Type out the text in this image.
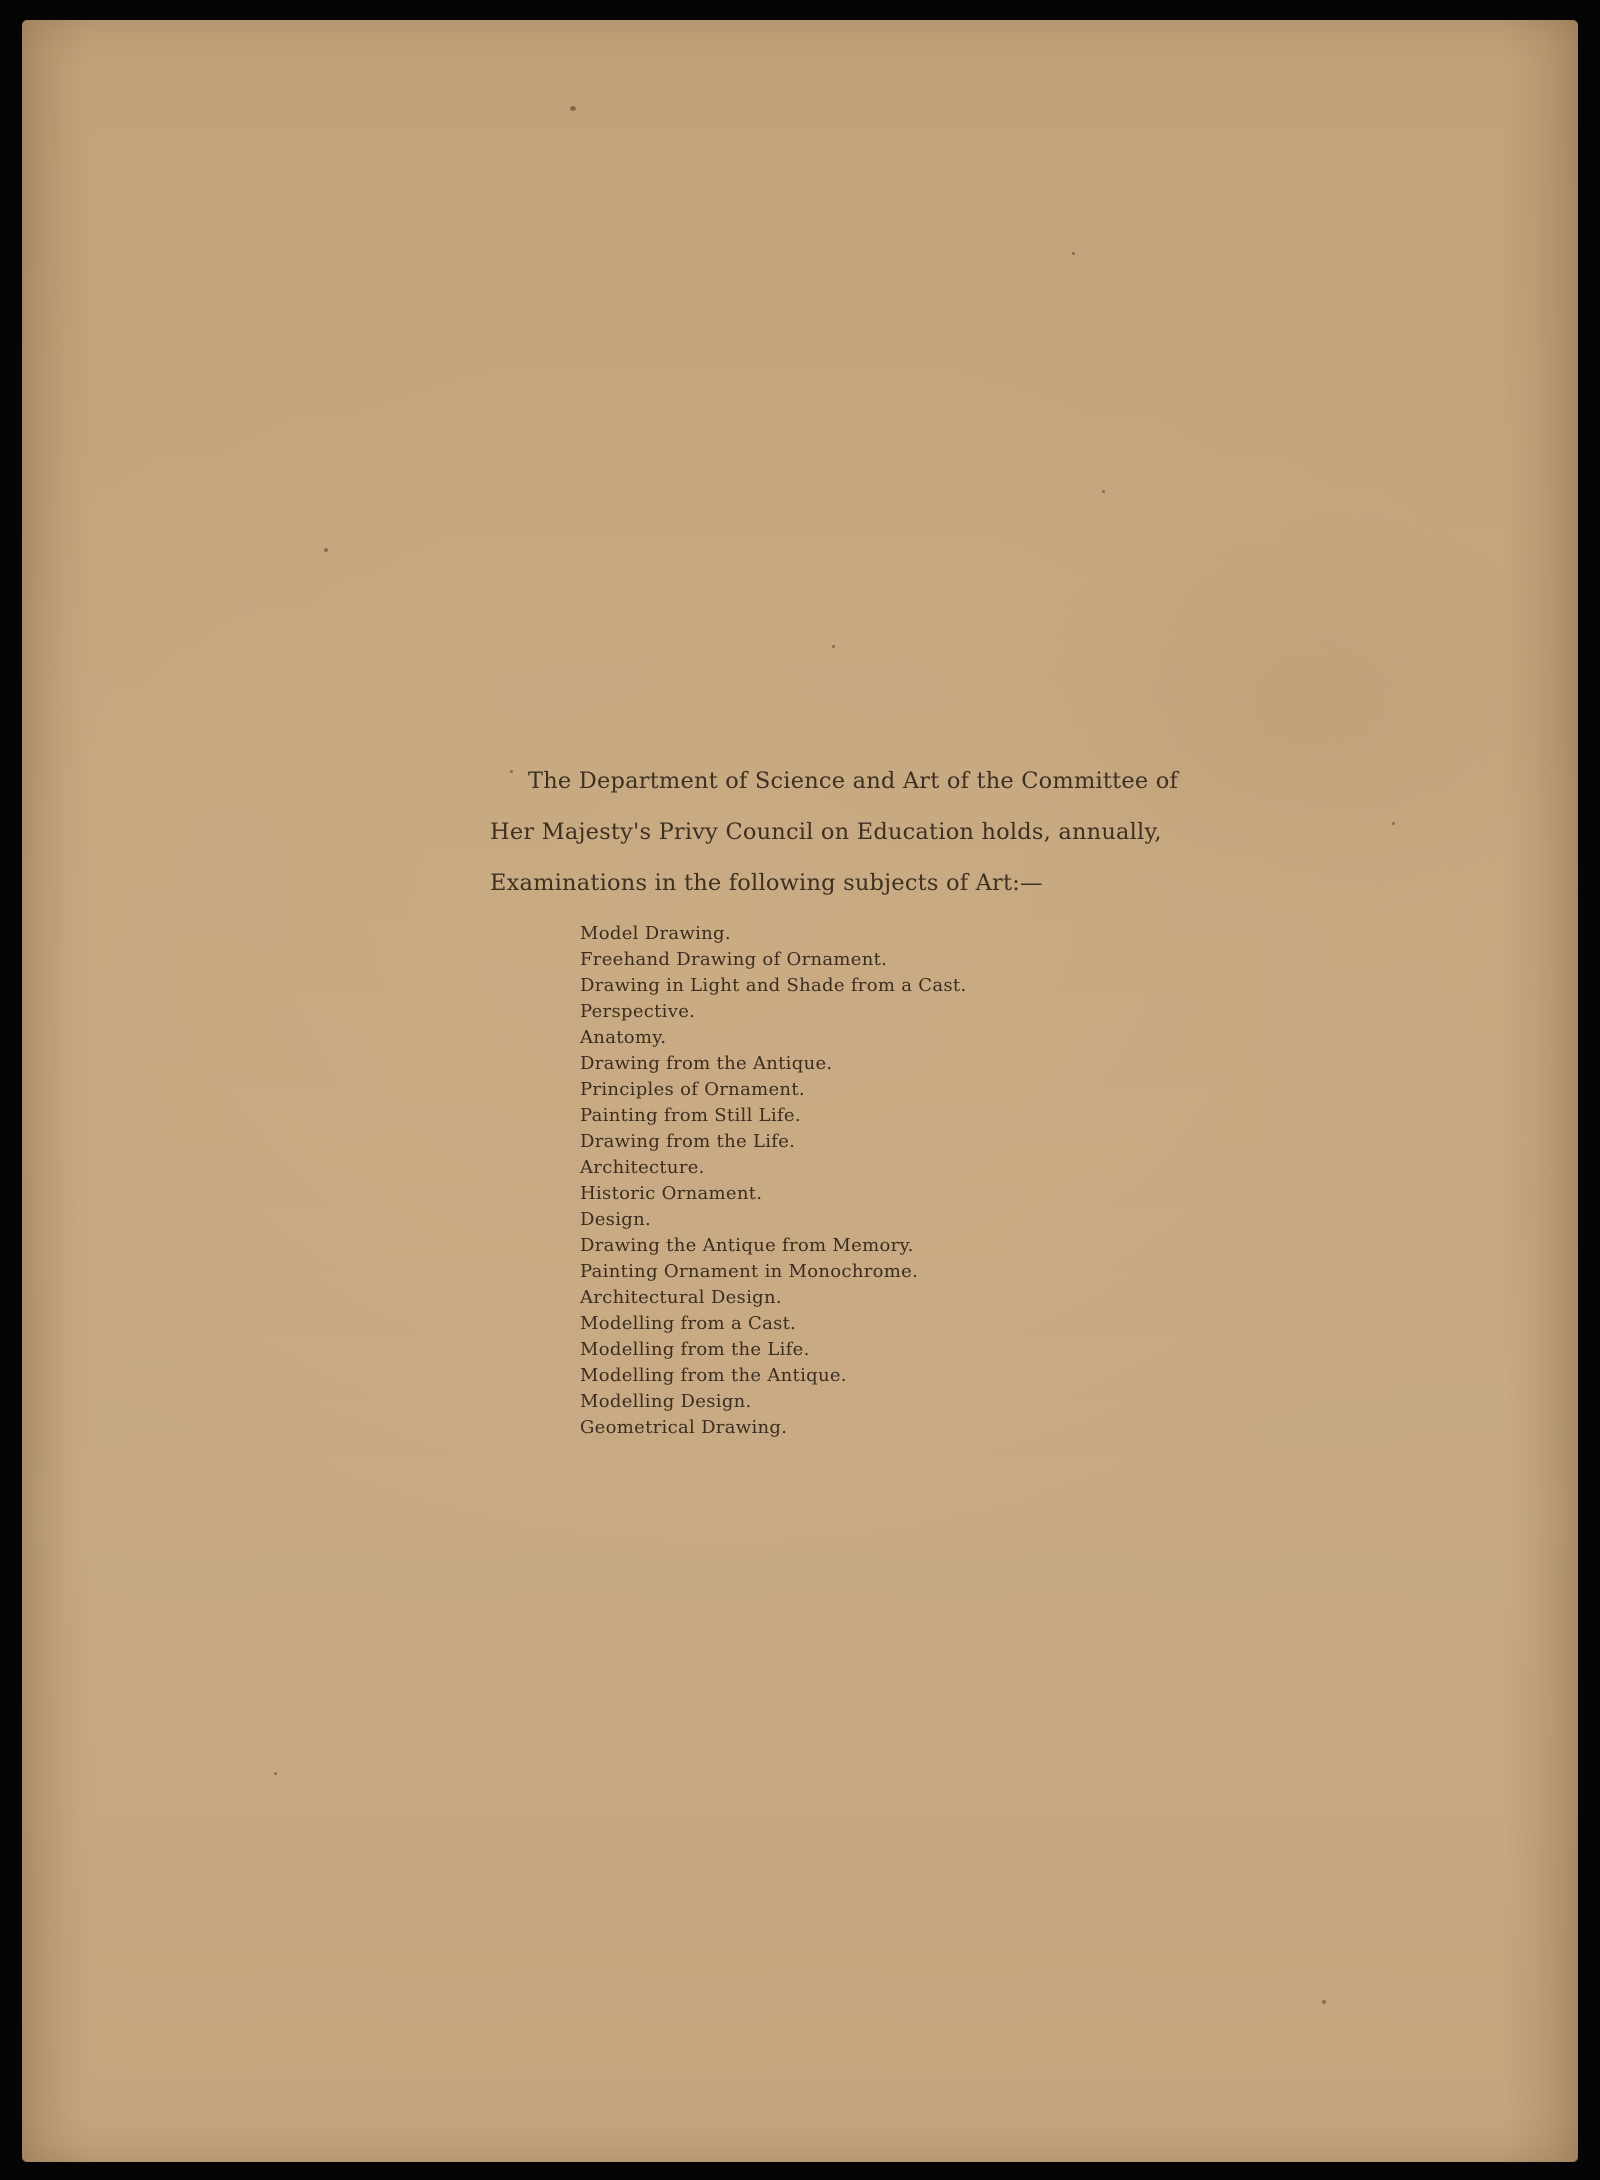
The Department of Science and Art of the Committee of
Her Majesty's Privy Council on Education holds, annually,
Examinations in the following subjects of Art:—

Model Drawing.
Freehand Drawing of Ornament.
Drawing in Light and Shade from a Cast.
Perspective.
Anatomy.
Drawing from the Antique.
Principles of Ornament.
Painting from Still Life.
Drawing from the Life.
Architecture.
Historic Ornament.
Design.
Drawing the Antique from Memory.
Painting Ornament in Monochrome.
Architectural Design.
Modelling from a Cast.
Modelling from the Life.
Modelling from the Antique.
Modelling Design.
Geometrical Drawing.
